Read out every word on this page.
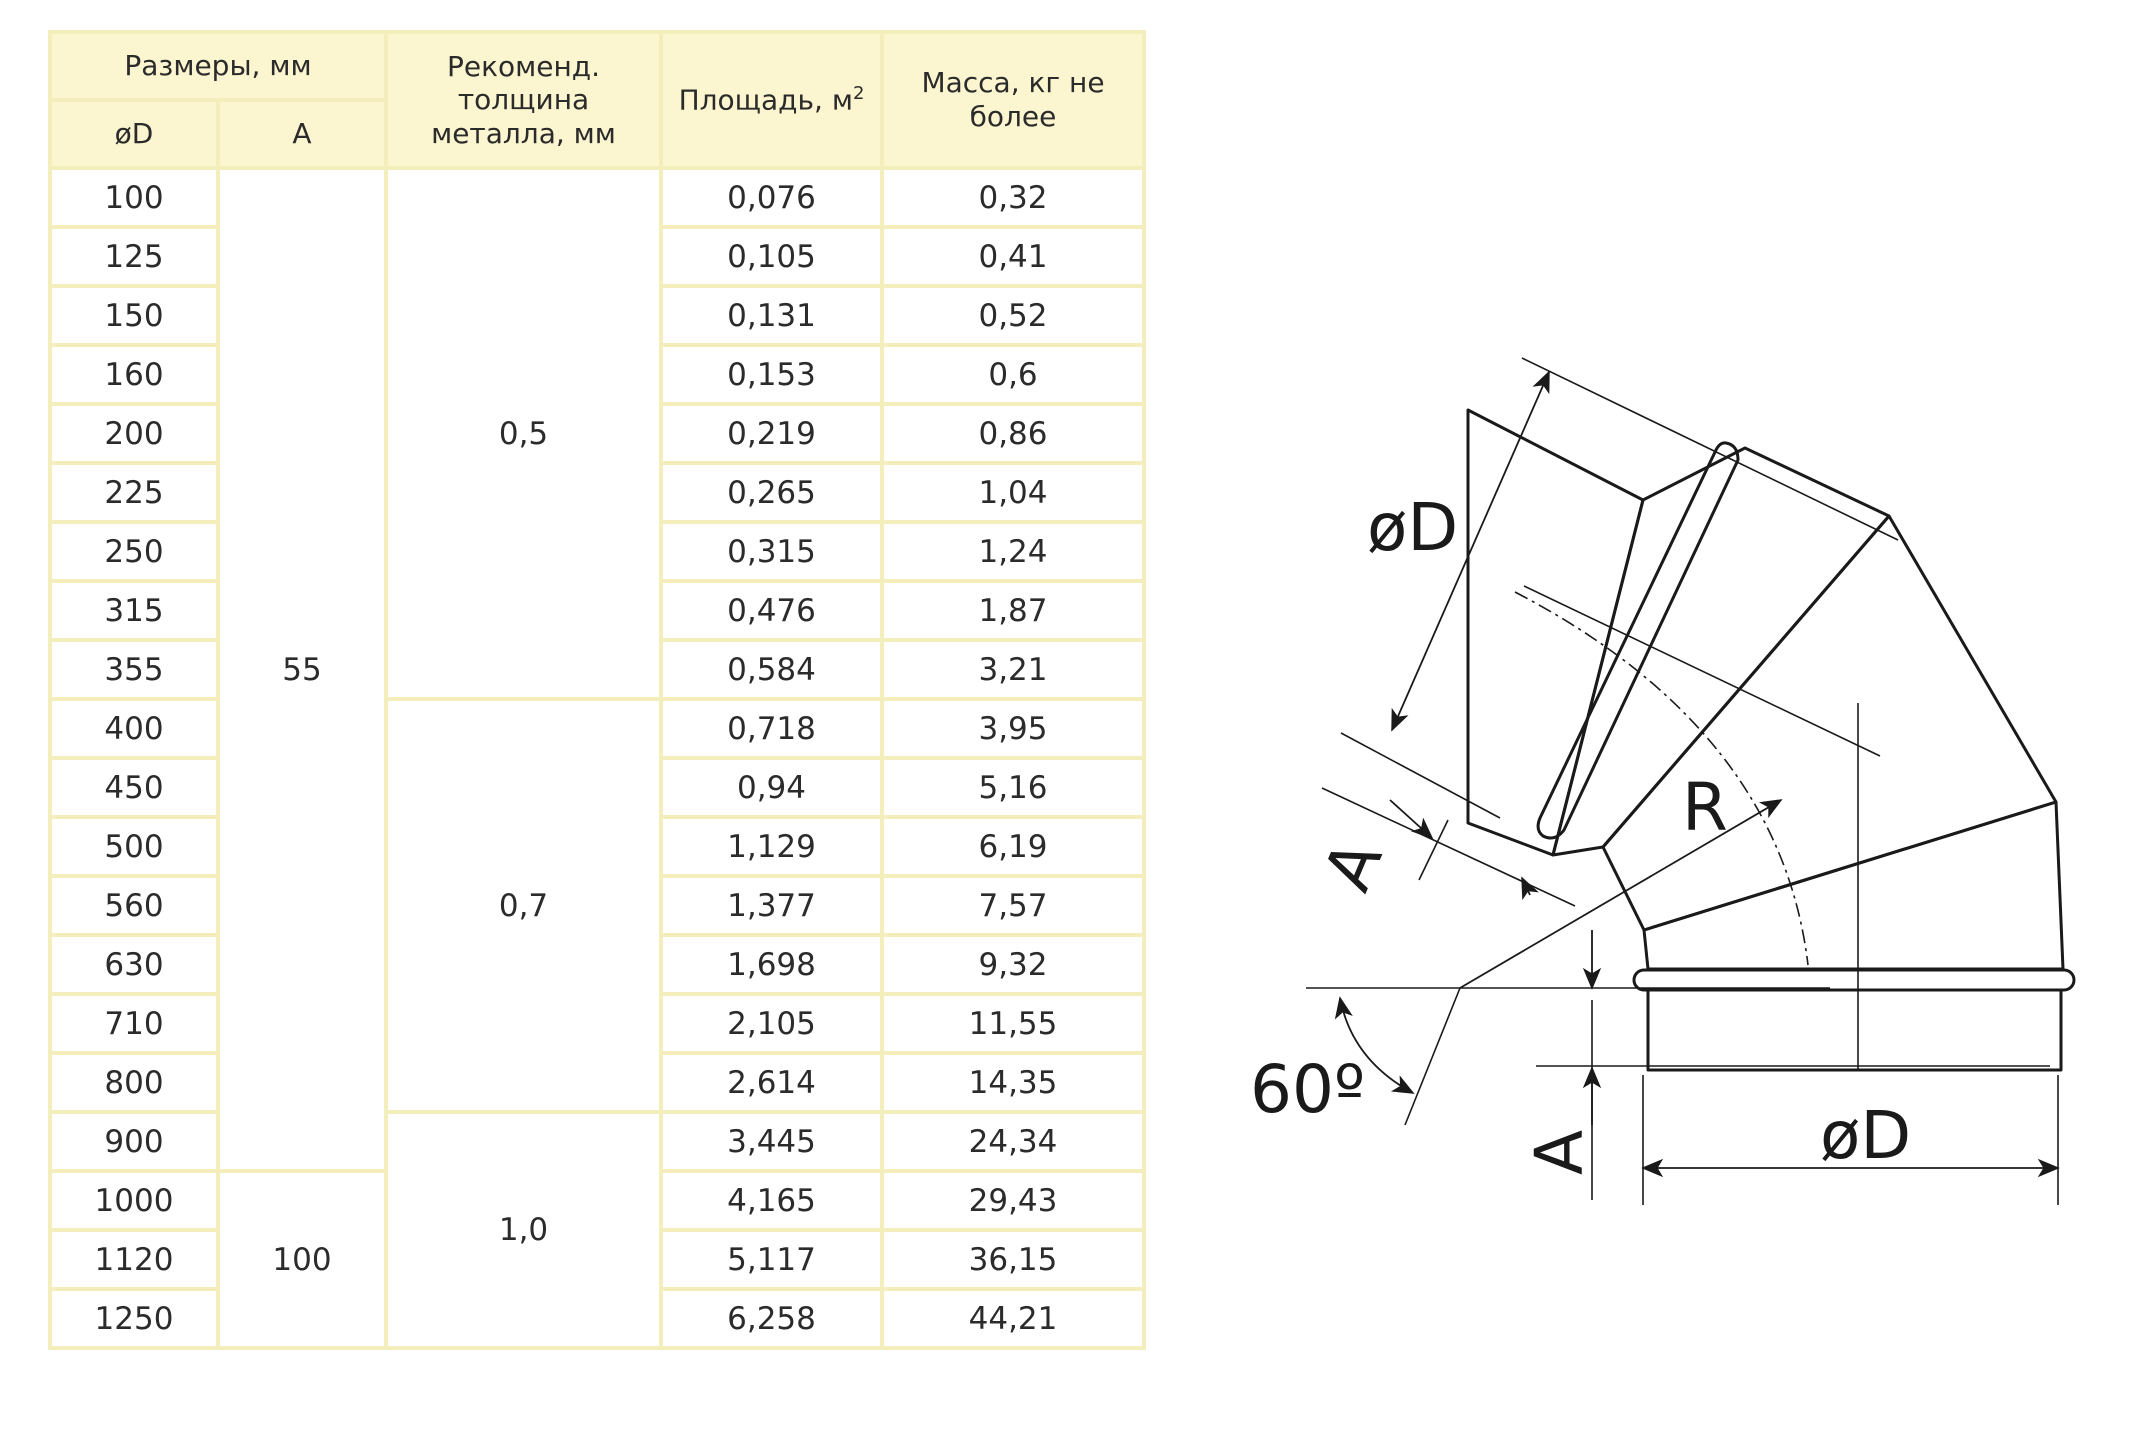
Размеры, мм		Рекоменд. толщина металла, мм	Площадь, $м^2$	Масса, кг не более
øD	А			
100	55	0,5	0,076	0,32
125			0,105	0,41
150			0,131	0,52
160			0,153	0,6
200			0,219	0,86
225			0,265	1,04
250			0,315	1,24
315			0,476	1,87
355			0,584	3,21
400		0,7	0,718	3,95
450			0,94	5,16
500			1,129	6,19
560			1,377	7,57
630			1,698	9,32
710			2,105	11,55
800			2,614	14,35
900		1,0	3,445	24,34
1000	100		4,165	29,43
1120			5,117	36,15
1250			6,258	44,21
øD
R
60º
øD
A
A
